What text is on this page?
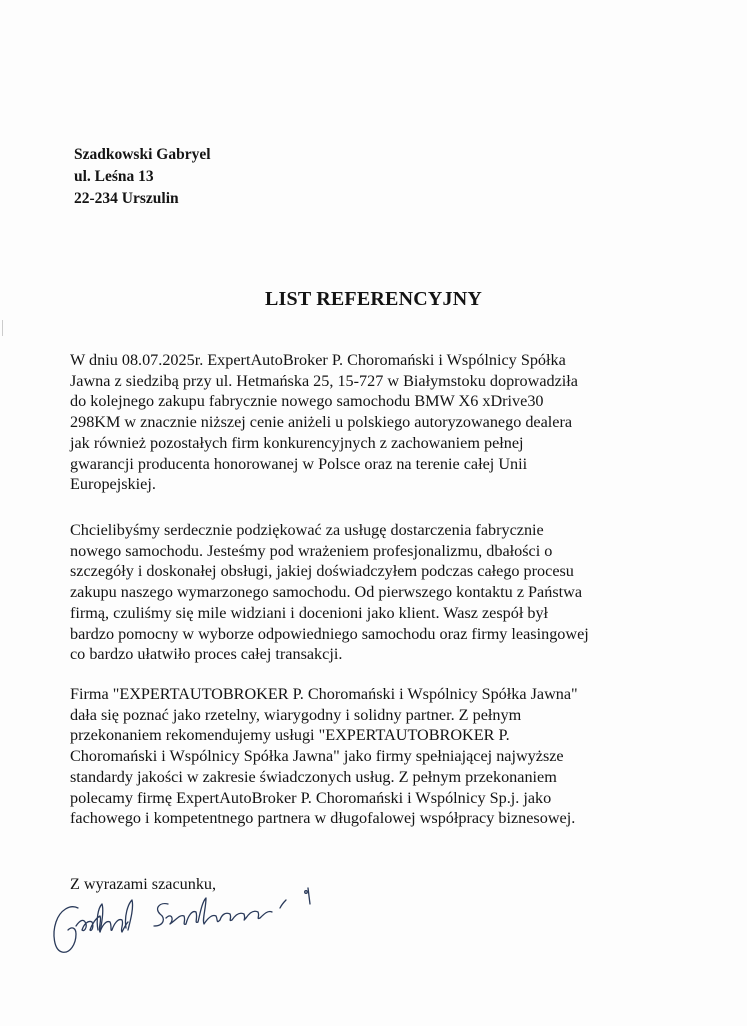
Szadkowski Gabryel
ul. Leśna 13
22-234 Urszulin
LIST REFERENCYJNY
W dniu 08.07.2025r. ExpertAutoBroker P. Choromański i Wspólnicy Spółka
Jawna z siedzibą przy ul. Hetmańska 25, 15-727 w Białymstoku doprowadziła
do kolejnego zakupu fabrycznie nowego samochodu BMW X6 xDrive30
298KM w znacznie niższej cenie aniżeli u polskiego autoryzowanego dealera
jak również pozostałych firm konkurencyjnych z zachowaniem pełnej
gwarancji producenta honorowanej w Polsce oraz na terenie całej Unii
Europejskiej.
Chcielibyśmy serdecznie podziękować za usługę dostarczenia fabrycznie
nowego samochodu. Jesteśmy pod wrażeniem profesjonalizmu, dbałości o
szczegóły i doskonałej obsługi, jakiej doświadczyłem podczas całego procesu
zakupu naszego wymarzonego samochodu. Od pierwszego kontaktu z Państwa
firmą, czuliśmy się mile widziani i docenioni jako klient. Wasz zespół był
bardzo pomocny w wyborze odpowiedniego samochodu oraz firmy leasingowej
co bardzo ułatwiło proces całej transakcji.
Firma "EXPERTAUTOBROKER P. Choromański i Wspólnicy Spółka Jawna"
dała się poznać jako rzetelny, wiarygodny i solidny partner. Z pełnym
przekonaniem rekomendujemy usługi "EXPERTAUTOBROKER P.
Choromański i Wspólnicy Spółka Jawna" jako firmy spełniającej najwyższe
standardy jakości w zakresie świadczonych usług. Z pełnym przekonaniem
polecamy firmę ExpertAutoBroker P. Choromański i Wspólnicy Sp.j. jako
fachowego i kompetentnego partnera w długofalowej współpracy biznesowej.
Z wyrazami szacunku,
